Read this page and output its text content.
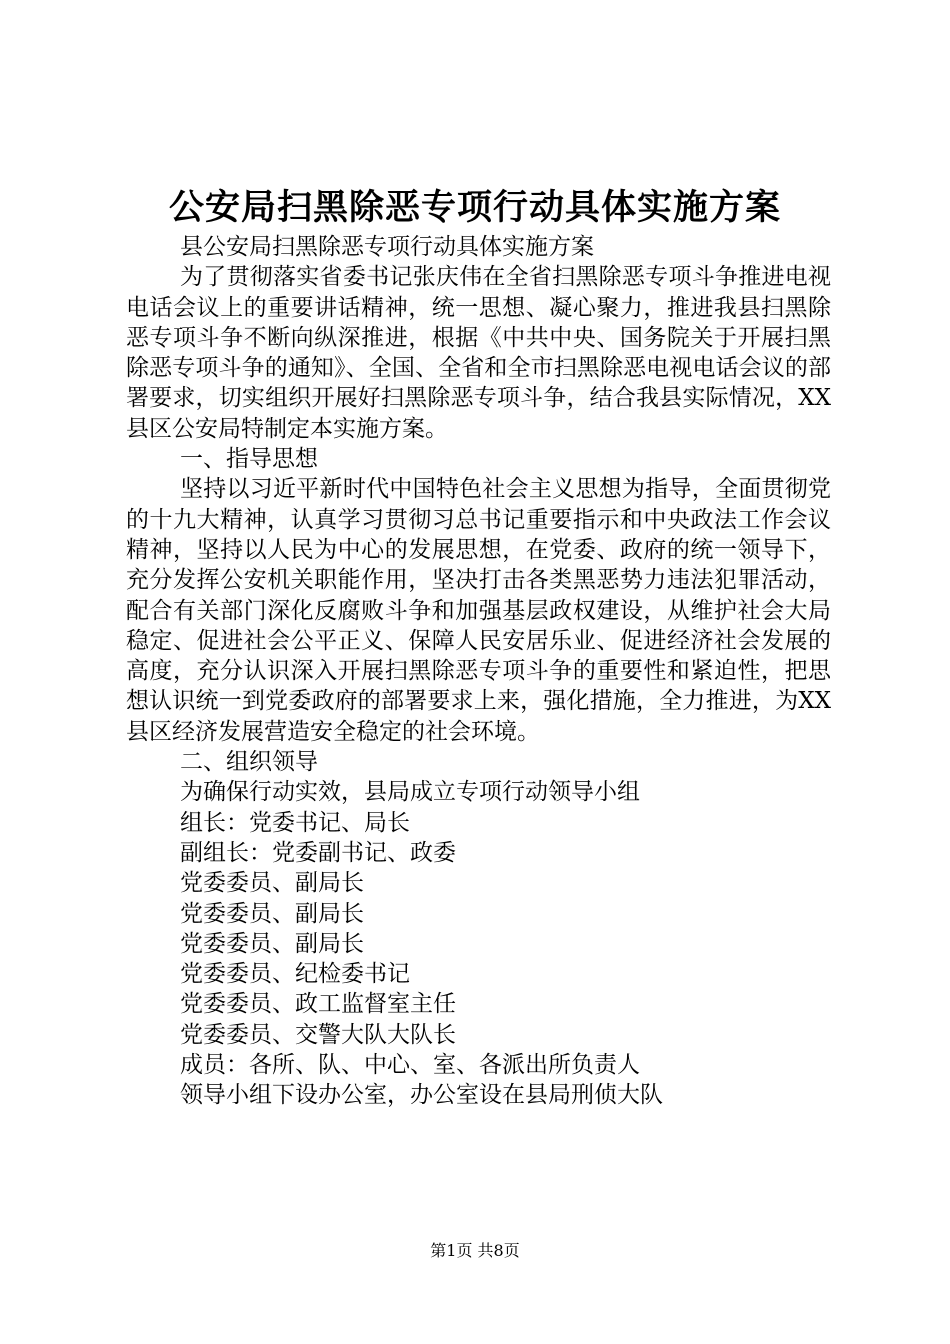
公安局扫黑除恶专项行动具体实施方案

县公安局扫黑除恶专项行动具体实施方案

为了贯彻落实省委书记张庆伟在全省扫黑除恶专项斗争推进电视电话会议上的重要讲话精神，统一思想、凝心聚力，推进我县扫黑除恶专项斗争不断向纵深推进，根据《中共中央、国务院关于开展扫黑除恶专项斗争的通知》、全国、全省和全市扫黑除恶电视电话会议的部署要求，切实组织开展好扫黑除恶专项斗争，结合我县实际情况，XX县区公安局特制定本实施方案。

一、指导思想

坚持以习近平新时代中国特色社会主义思想为指导，全面贯彻党的十九大精神，认真学习贯彻习总书记重要指示和中央政法工作会议精神，坚持以人民为中心的发展思想，在党委、政府的统一领导下，充分发挥公安机关职能作用，坚决打击各类黑恶势力违法犯罪活动，配合有关部门深化反腐败斗争和加强基层政权建设，从维护社会大局稳定、促进社会公平正义、保障人民安居乐业、促进经济社会发展的高度，充分认识深入开展扫黑除恶专项斗争的重要性和紧迫性，把思想认识统一到党委政府的部署要求上来，强化措施，全力推进，为XX县区经济发展营造安全稳定的社会环境。

二、组织领导

为确保行动实效，县局成立专项行动领导小组

组长：党委书记、局长

副组长：党委副书记、政委

党委委员、副局长

党委委员、副局长

党委委员、副局长

党委委员、纪检委书记

党委委员、政工监督室主任

党委委员、交警大队大队长

成员：各所、队、中心、室、各派出所负责人

领导小组下设办公室，办公室设在县局刑侦大队

第1页 共8页
